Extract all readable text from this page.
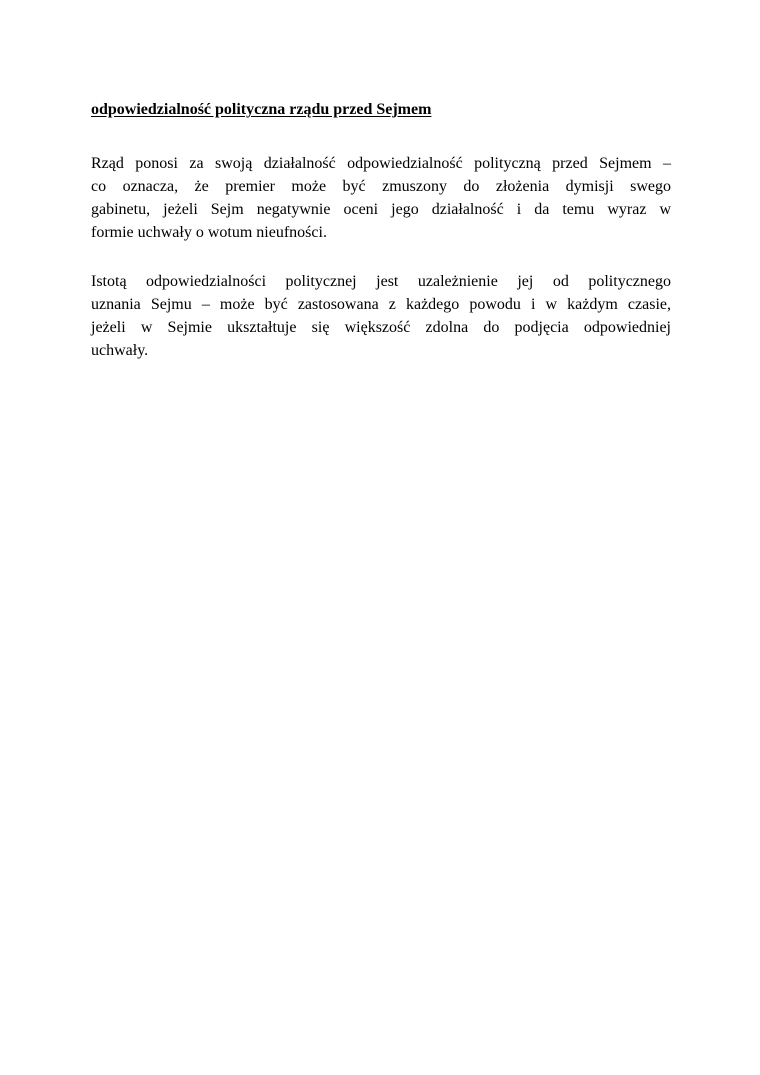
odpowiedzialność polityczna rządu przed Sejmem

Rząd ponosi za swoją działalność odpowiedzialność polityczną przed Sejmem –
co oznacza, że premier może być zmuszony do złożenia dymisji swego
gabinetu, jeżeli Sejm negatywnie oceni jego działalność i da temu wyraz w
formie uchwały o wotum nieufności.

Istotą odpowiedzialności politycznej jest uzależnienie jej od politycznego
uznania Sejmu – może być zastosowana z każdego powodu i w każdym czasie,
jeżeli w Sejmie ukształtuje się większość zdolna do podjęcia odpowiedniej
uchwały.
